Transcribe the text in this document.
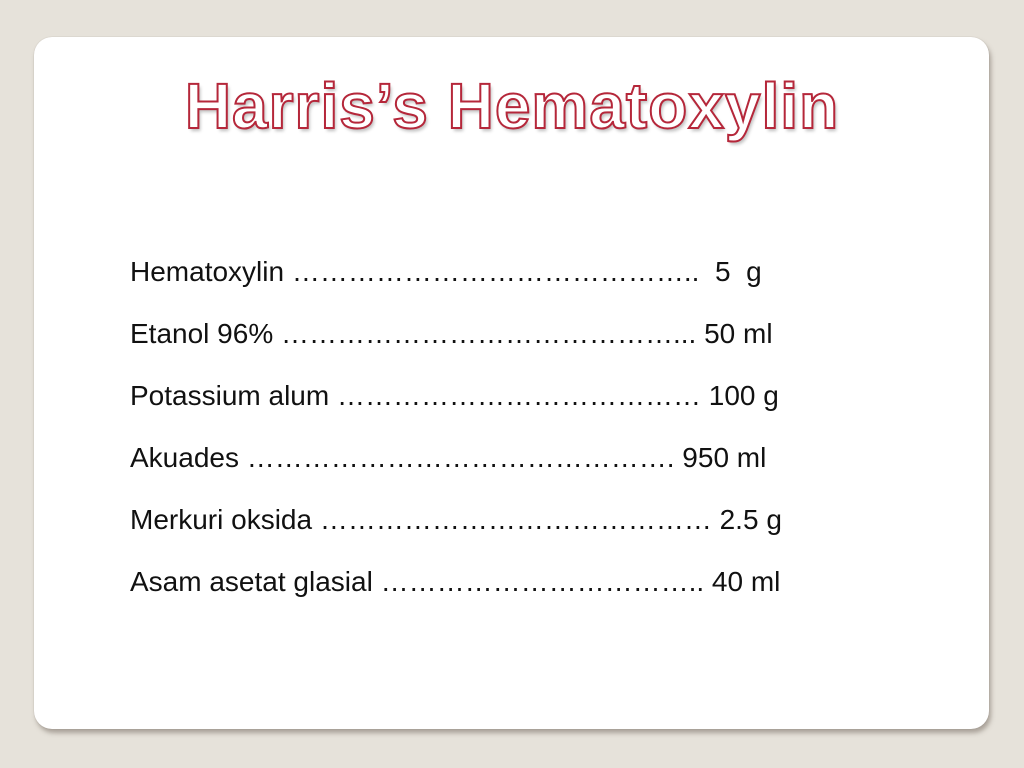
Harris’s Hematoxylin
Hematoxylin ……………………………………..  5  g
Etanol 96% ……………………………………... 50 ml
Potassium alum ………………………………… 100 g
Akuades ………………………………………. 950 ml
Merkuri oksida …………………………………… 2.5 g
Asam asetat glasial …………………………….. 40 ml
